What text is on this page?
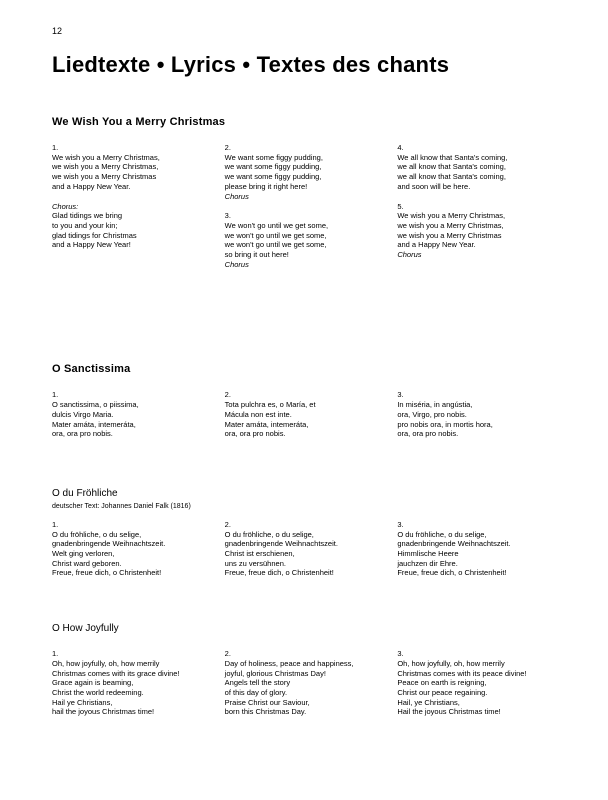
12
Liedtexte • Lyrics • Textes des chants
We Wish You a Merry Christmas
1.
We wish you a Merry Christmas,
we wish you a Merry Christmas,
we wish you a Merry Christmas
and a Happy New Year.
Chorus:
Glad tidings we bring
to you and your kin;
glad tidings for Christmas
and a Happy New Year!
2.
We want some figgy pudding,
we want some figgy pudding,
we want some figgy pudding,
please bring it right here!
Chorus
3.
We won't go until we get some,
we won't go until we get some,
we won't go until we get some,
so bring it out here!
Chorus
4.
We all know that Santa's coming,
we all know that Santa's coming,
we all know that Santa's coming,
and soon will be here.
5.
We wish you a Merry Christmas,
we wish you a Merry Christmas,
we wish you a Merry Christmas
and a Happy New Year.
Chorus
O Sanctissima
1.
O sanctissima, o piissima,
dulcis Virgo Maria.
Mater amáta, intemeráta,
ora, ora pro nobis.
2.
Tota pulchra es, o María, et
Mácula non est inte.
Mater amáta, intemeráta,
ora, ora pro nobis.
3.
In miséria, in angústia,
ora, Virgo, pro nobis.
pro nobis ora, in mortis hora,
ora, ora pro nobis.
O du Fröhliche
deutscher Text: Johannes Daniel Falk (1816)
1.
O du fröhliche, o du selige,
gnadenbringende Weihnachtszeit.
Welt ging verloren,
Christ ward geboren.
Freue, freue dich, o Christenheit!
2.
O du fröhliche, o du selige,
gnadenbringende Weihnachtszeit.
Christ ist erschienen,
uns zu versühnen.
Freue, freue dich, o Christenheit!
3.
O du fröhliche, o du selige,
gnadenbringende Weihnachtszeit.
Himmlische Heere
jauchzen dir Ehre.
Freue, freue dich, o Christenheit!
O How Joyfully
1.
Oh, how joyfully, oh, how merrily
Christmas comes with its grace divine!
Grace again is beaming,
Christ the world redeeming.
Hail ye Christians,
hail the joyous Christmas time!
2.
Day of holiness, peace and happiness,
joyful, glorious Christmas Day!
Angels tell the story
of this day of glory.
Praise Christ our Saviour,
born this Christmas Day.
3.
Oh, how joyfully, oh, how merrily
Christmas comes with its peace divine!
Peace on earth is reigning,
Christ our peace regaining.
Hail, ye Christians,
Hail the joyous Christmas time!
